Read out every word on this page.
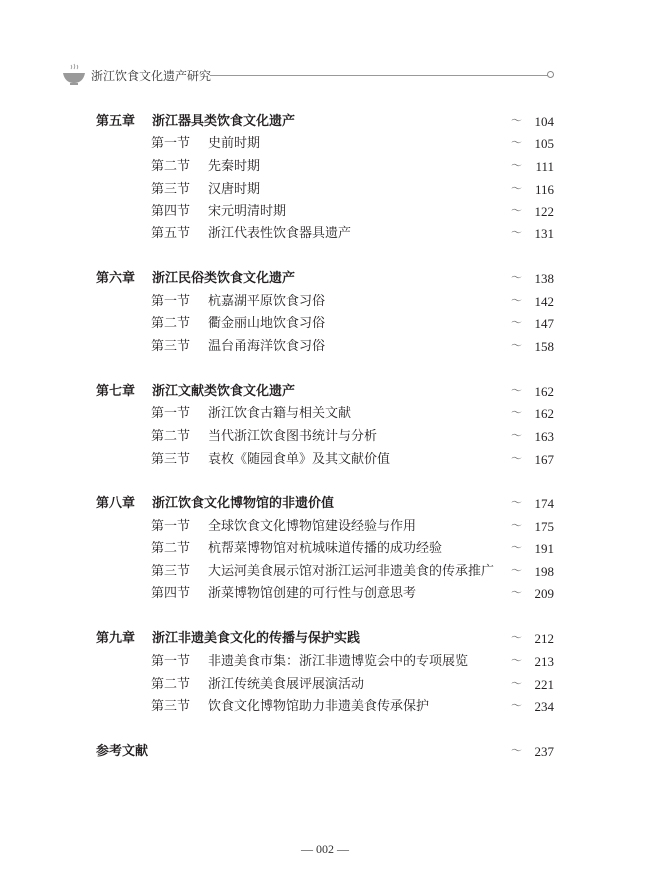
浙江饮食文化遗产研究
第五章 浙江器具类饮食文化遗产	～ 104
第一节 史前时期	～ 105
第二节 先秦时期	～ 111
第三节 汉唐时期	～ 116
第四节 宋元明清时期	～ 122
第五节 浙江代表性饮食器具遗产	～ 131
第六章 浙江民俗类饮食文化遗产	～ 138
第一节 杭嘉湖平原饮食习俗	～ 142
第二节 衢金丽山地饮食习俗	～ 147
第三节 温台甬海洋饮食习俗	～ 158
第七章 浙江文献类饮食文化遗产	～ 162
第一节 浙江饮食古籍与相关文献	～ 162
第二节 当代浙江饮食图书统计与分析	～ 163
第三节 袁枚《随园食单》及其文献价值	～ 167
第八章 浙江饮食文化博物馆的非遗价值	～ 174
第一节 全球饮食文化博物馆建设经验与作用	～ 175
第二节 杭帮菜博物馆对杭城味道传播的成功经验	～ 191
第三节 大运河美食展示馆对浙江运河非遗美食的传承推广 ～ 198
第四节 浙菜博物馆创建的可行性与创意思考	～ 209
第九章 浙江非遗美食文化的传播与保护实践	～ 212
第一节 非遗美食市集：浙江非遗博览会中的专项展览	～ 213
第二节 浙江传统美食展评展演活动	～ 221
第三节 饮食文化博物馆助力非遗美食传承保护	～ 234
参考文献	～ 237
— 002 —
